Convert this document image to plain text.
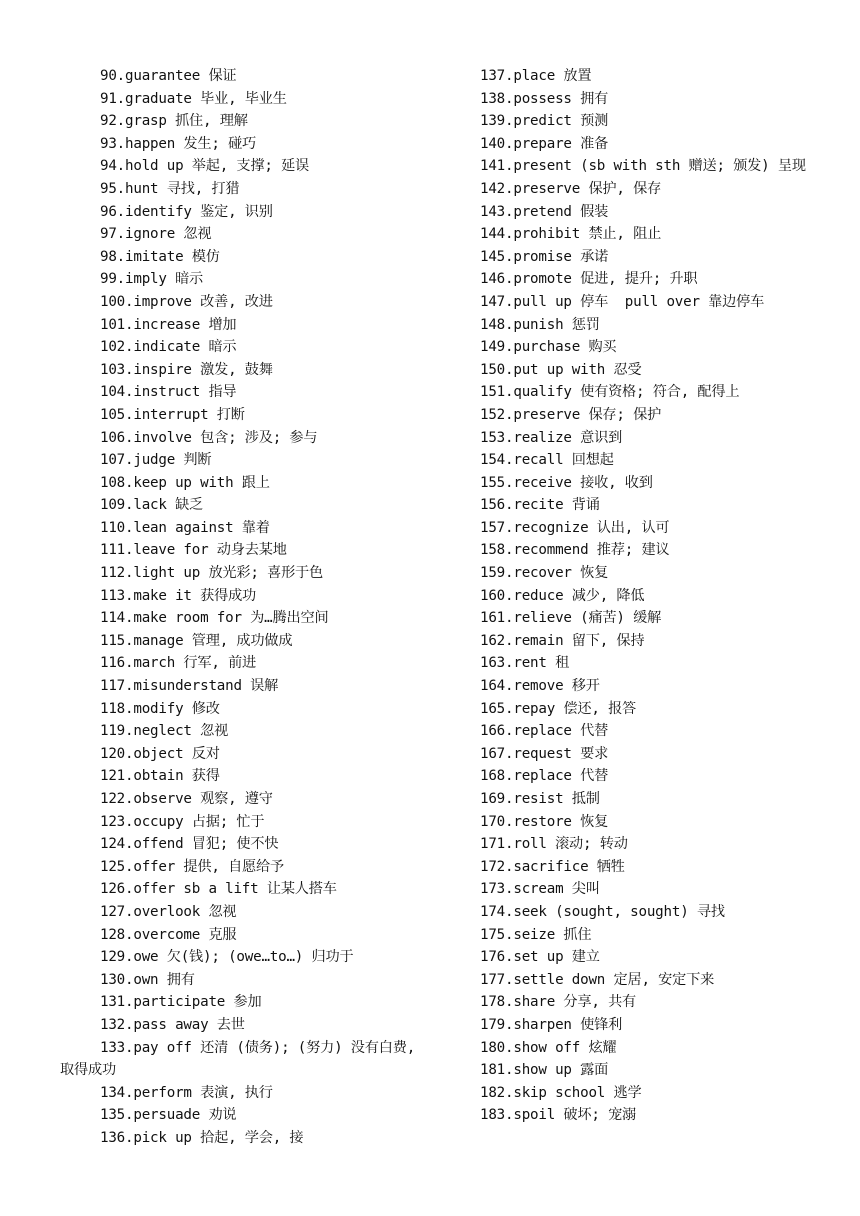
90.guarantee 保证

91.graduate 毕业, 毕业生

92.grasp 抓住, 理解

93.happen 发生; 碰巧

94.hold up 举起, 支撑; 延误

95.hunt 寻找, 打猎

96.identify 鉴定, 识别

97.ignore 忽视

98.imitate 模仿

99.imply 暗示

100.improve 改善, 改进

101.increase 增加

102.indicate 暗示

103.inspire 激发, 鼓舞

104.instruct 指导

105.interrupt 打断

106.involve 包含; 涉及; 参与

107.judge 判断

108.keep up with 跟上

109.lack 缺乏

110.lean against 靠着

111.leave for 动身去某地

112.light up 放光彩; 喜形于色

113.make it 获得成功

114.make room for 为…腾出空间

115.manage 管理, 成功做成

116.march 行军, 前进

117.misunderstand 误解

118.modify 修改

119.neglect 忽视

120.object 反对

121.obtain 获得

122.observe 观察, 遵守

123.occupy 占据; 忙于

124.offend 冒犯; 使不快

125.offer 提供, 自愿给予

126.offer sb a lift 让某人搭车

127.overlook 忽视

128.overcome 克服

129.owe 欠(钱); (owe…to…) 归功于

130.own 拥有

131.participate 参加

132.pass away 去世

133.pay off 还清 (债务); (努力) 没有白费, 取得成功

134.perform 表演, 执行

135.persuade 劝说

136.pick up 拾起, 学会, 接

137.place 放置

138.possess 拥有

139.predict 预测

140.prepare 准备

141.present (sb with sth 赠送; 颁发) 呈现

142.preserve 保护, 保存

143.pretend 假装

144.prohibit 禁止, 阻止

145.promise 承诺

146.promote 促进, 提升; 升职

147.pull up 停车  pull over 靠边停车

148.punish 惩罚

149.purchase 购买

150.put up with 忍受

151.qualify 使有资格; 符合, 配得上

152.preserve 保存; 保护

153.realize 意识到

154.recall 回想起

155.receive 接收, 收到

156.recite 背诵

157.recognize 认出, 认可

158.recommend 推荐; 建议

159.recover 恢复

160.reduce 减少, 降低

161.relieve (痛苦) 缓解

162.remain 留下, 保持

163.rent 租

164.remove 移开

165.repay 偿还, 报答

166.replace 代替

167.request 要求

168.replace 代替

169.resist 抵制

170.restore 恢复

171.roll 滚动; 转动

172.sacrifice 牺牲

173.scream 尖叫

174.seek (sought, sought) 寻找

175.seize 抓住

176.set up 建立

177.settle down 定居, 安定下来

178.share 分享, 共有

179.sharpen 使锋利

180.show off 炫耀

181.show up 露面

182.skip school 逃学

183.spoil 破坏; 宠溺
